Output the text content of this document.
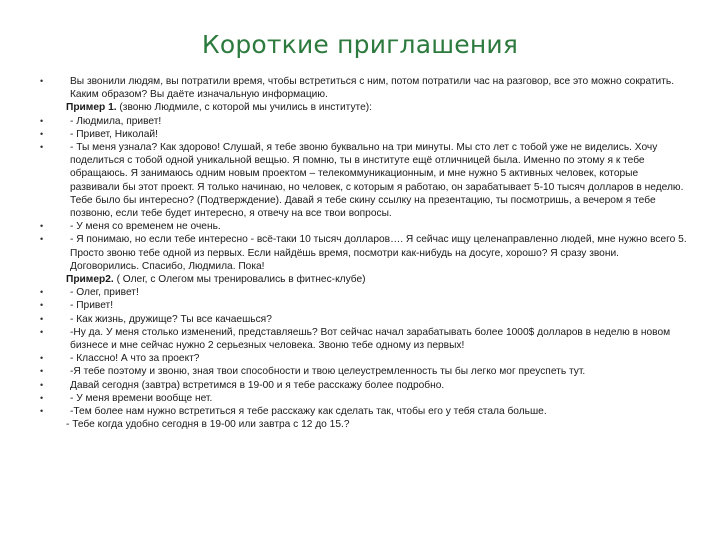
Короткие приглашения
•	Вы звонили людям, вы потратили время, чтобы встретиться с ним, потом потратили час на разговор, все это можно сократить. Каким образом? Вы даёте изначальную информацию.
Пример 1. (звоню Людмиле, с которой мы учились в институте):
•	- Людмила, привет!
•	- Привет, Николай!
•	- Ты меня узнала? Как здорово! Слушай, я тебе звоню буквально на три минуты. Мы сто лет с тобой уже не виделись. Хочу поделиться с тобой одной уникальной вещью. Я помню, ты в институте ещё отличницей была. Именно по этому я к тебе обращаюсь. Я занимаюсь одним новым проектом – телекоммуникационным, и мне нужно 5 активных человек, которые развивали бы этот проект. Я только начинаю, но человек, с которым я работаю, он зарабатывает 5-10 тысяч долларов в неделю. Тебе было бы интересно? (Подтверждение). Давай я тебе скину ссылку на презентацию, ты посмотришь, а вечером я тебе позвоню, если тебе будет интересно, я отвечу на все твои вопросы.
•	- У меня со временем не очень.
•	- Я понимаю, но если тебе интересно - всё-таки 10 тысяч долларов…. Я сейчас ищу целенаправленно людей, мне нужно всего 5. Просто звоню тебе одной из первых. Если найдёшь время, посмотри как-нибудь на досуге, хорошо? Я сразу звони. Договорились. Спасибо, Людмила. Пока!
Пример2. ( Олег, с Олегом мы тренировались в фитнес-клубе)
•	- Олег, привет!
•	- Привет!
•	- Как жизнь, дружище? Ты все качаешься?
•	-Ну да. У меня столько изменений, представляешь? Вот сейчас начал зарабатывать более 1000$ долларов в неделю в новом бизнесе и мне сейчас нужно 2 серьезных человека. Звоню тебе одному из первых!
•	- Классно! А что за проект?
•	-Я тебе поэтому и звоню, зная твои способности и твою целеустремленность ты бы легко мог преуспеть тут.
•	Давай сегодня (завтра) встретимся в 19-00 и я тебе расскажу более подробно.
•	- У меня времени вообще нет.
•	-Тем более нам нужно встретиться я тебе расскажу как сделать так, чтобы его у тебя стала больше.
- Тебе когда удобно сегодня в 19-00 или завтра с 12 до 15.?
